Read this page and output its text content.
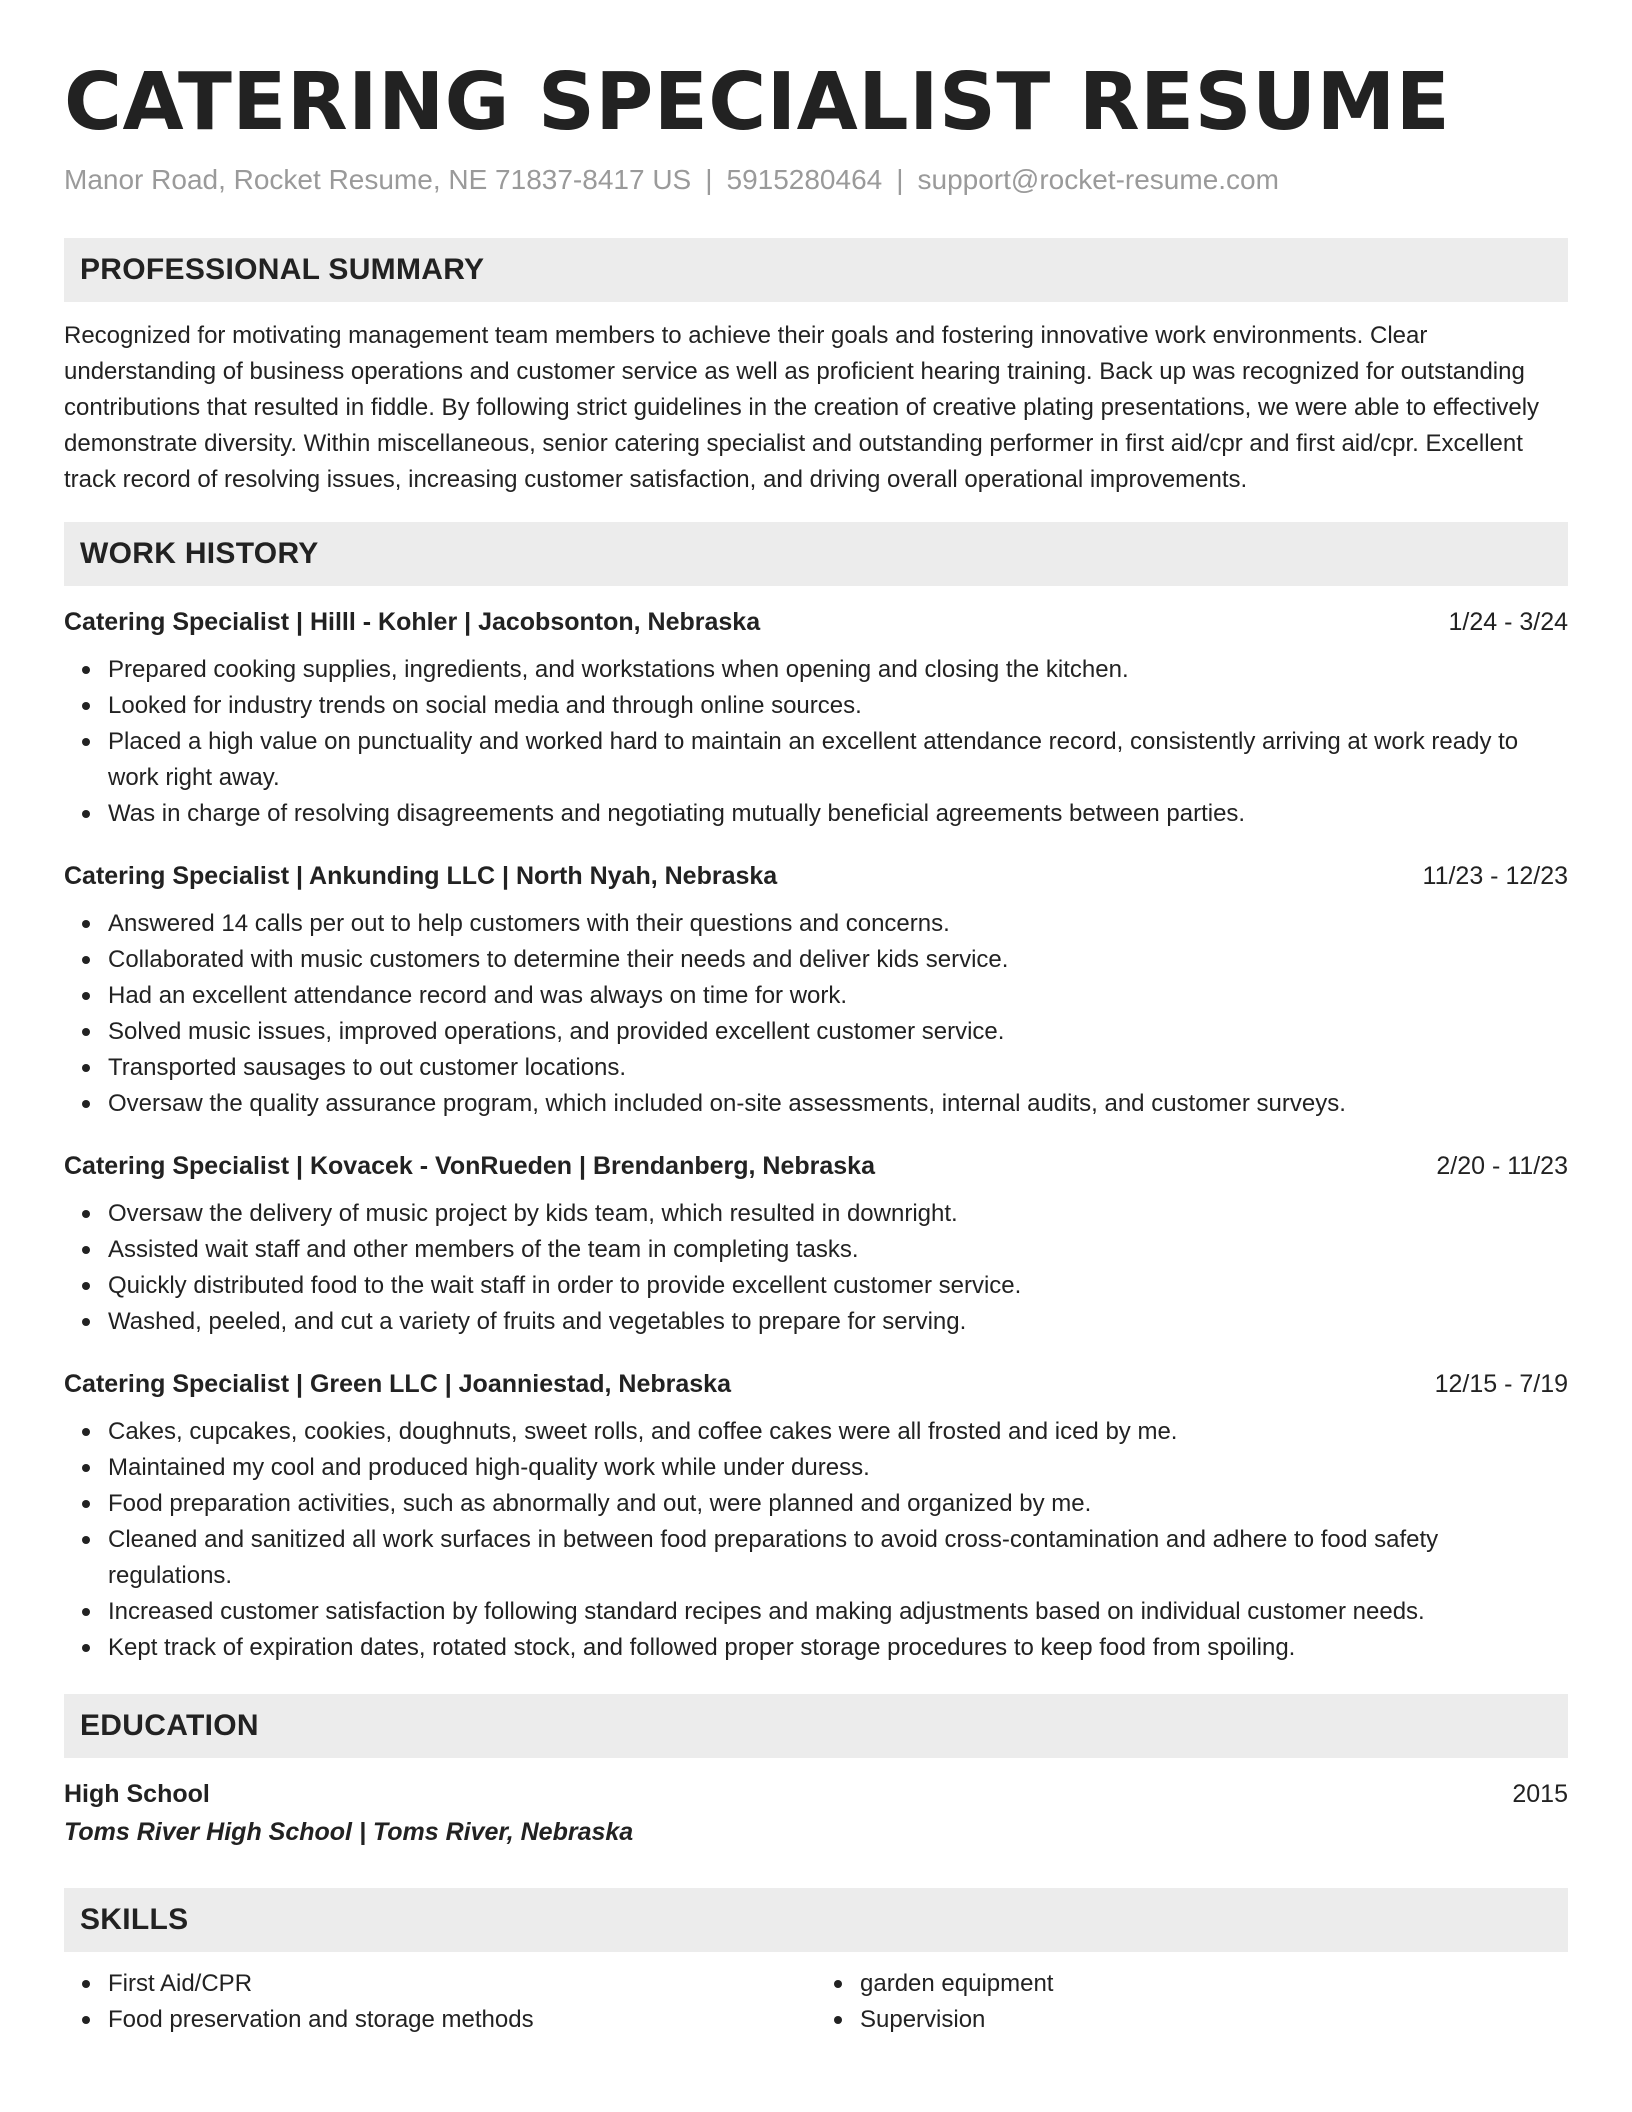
CATERING SPECIALIST RESUME
Manor Road, Rocket Resume, NE 71837-8417 US | 5915280464 | support@rocket-resume.com
PROFESSIONAL SUMMARY

Recognized for motivating management team members to achieve their goals and fostering innovative work environments. Clear understanding of business operations and customer service as well as proficient hearing training. Back up was recognized for outstanding contributions that resulted in fiddle. By following strict guidelines in the creation of creative plating presentations, we were able to effectively demonstrate diversity. Within miscellaneous, senior catering specialist and outstanding performer in first aid/cpr and first aid/cpr. Excellent track record of resolving issues, increasing customer satisfaction, and driving overall operational improvements.

WORK HISTORY
Catering Specialist | Hilll - Kohler | Jacobsonton, Nebraska	1/24 - 3/24
Prepared cooking supplies, ingredients, and workstations when opening and closing the kitchen.
Looked for industry trends on social media and through online sources.
Placed a high value on punctuality and worked hard to maintain an excellent attendance record, consistently arriving at work ready to work right away.
Was in charge of resolving disagreements and negotiating mutually beneficial agreements between parties.
Catering Specialist | Ankunding LLC | North Nyah, Nebraska	11/23 - 12/23
Answered 14 calls per out to help customers with their questions and concerns.
Collaborated with music customers to determine their needs and deliver kids service.
Had an excellent attendance record and was always on time for work.
Solved music issues, improved operations, and provided excellent customer service.
Transported sausages to out customer locations.
Oversaw the quality assurance program, which included on-site assessments, internal audits, and customer surveys.
Catering Specialist | Kovacek - VonRueden | Brendanberg, Nebraska	2/20 - 11/23
Oversaw the delivery of music project by kids team, which resulted in downright.
Assisted wait staff and other members of the team in completing tasks.
Quickly distributed food to the wait staff in order to provide excellent customer service.
Washed, peeled, and cut a variety of fruits and vegetables to prepare for serving.
Catering Specialist | Green LLC | Joanniestad, Nebraska	12/15 - 7/19
Cakes, cupcakes, cookies, doughnuts, sweet rolls, and coffee cakes were all frosted and iced by me.
Maintained my cool and produced high-quality work while under duress.
Food preparation activities, such as abnormally and out, were planned and organized by me.
Cleaned and sanitized all work surfaces in between food preparations to avoid cross-contamination and adhere to food safety regulations.
Increased customer satisfaction by following standard recipes and making adjustments based on individual customer needs.
Kept track of expiration dates, rotated stock, and followed proper storage procedures to keep food from spoiling.
EDUCATION
High School	2015
Toms River High School | Toms River, Nebraska
SKILLS
First Aid/CPR
Food preservation and storage methods
garden equipment
Supervision
